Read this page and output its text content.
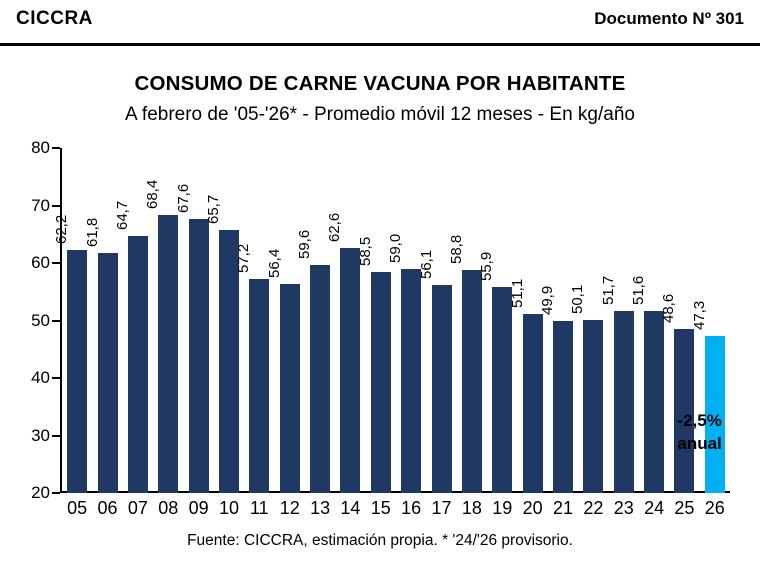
CICCRA	Documento Nº 301
CONSUMO DE CARNE VACUNA POR HABITANTE
A febrero de '05-'26* - Promedio móvil 12 meses - En kg/año
20
30
40
50
60
70
80
62,2 61,8
64,7
68,4 67,6 65,7
57,2 56,4
59,6
62,6
58,5 59,0
56,1
58,8
55,9
51,1 49,9 50,1 51,7 51,6
48,6 47,3
05 06 07 08 09 10 11 12 13 14 15 16 17 18 19 20 21 22 23 24 25 26
-2,5%
anual
Fuente: CICCRA, estimación propia. * '24/'26 provisorio.
